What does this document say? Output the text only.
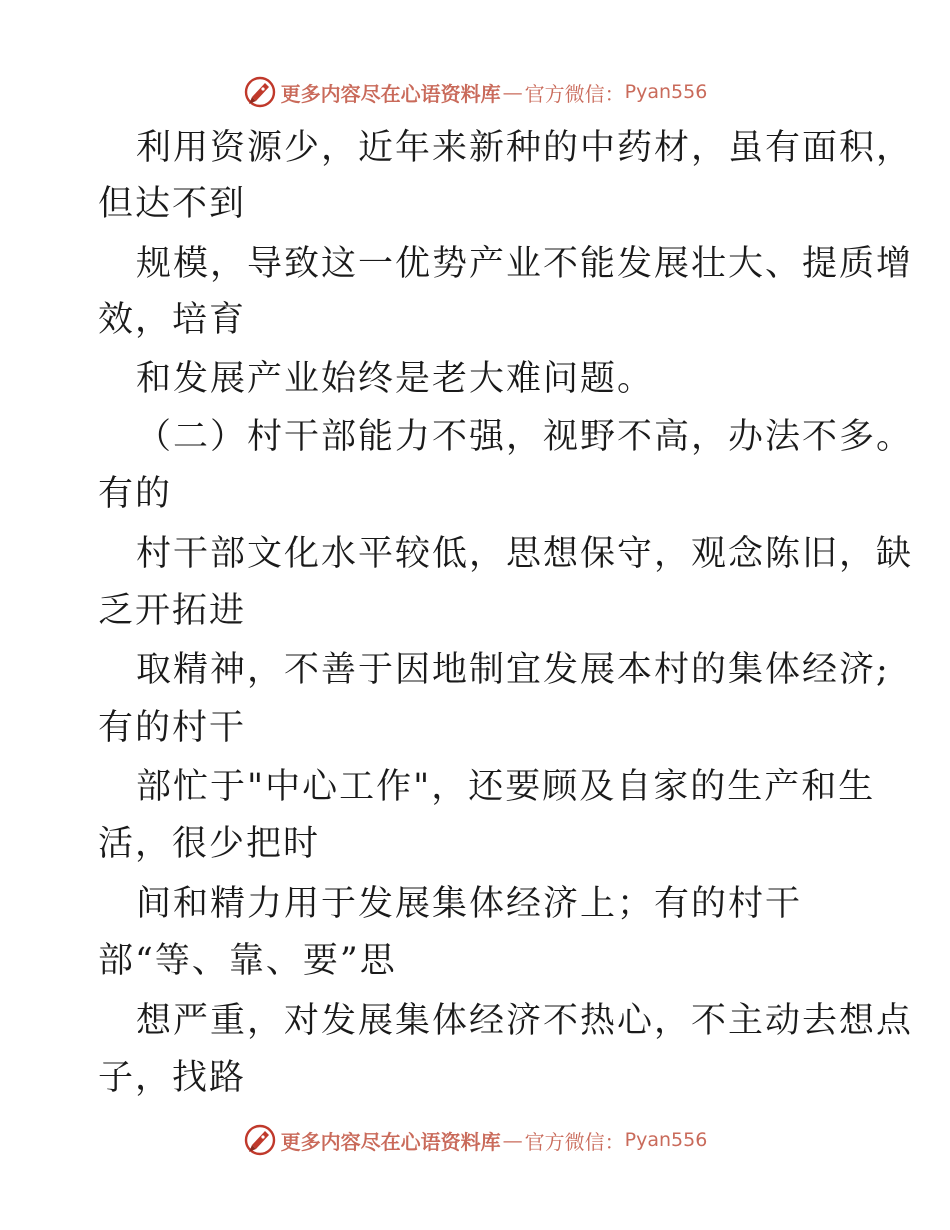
更多内容尽在心语资料库 — 官方微信： Pyan556
利用资源少，近年来新种的中药材，虽有面积，
但达不到
规模，导致这一优势产业不能发展壮大、提质增
效，培育
和发展产业始终是老大难问题。
（二）村干部能力不强，视野不高，办法不多。
有的
村干部文化水平较低，思想保守，观念陈旧，缺
乏开拓进
取精神，不善于因地制宜发展本村的集体经济;
有的村干
部忙于"中心工作"，还要顾及自家的生产和生
活，很少把时
间和精力用于发展集体经济上；有的村干
部“等、靠、要”思
想严重，对发展集体经济不热心，不主动去想点
子，找路
更多内容尽在心语资料库 — 官方微信： Pyan556
